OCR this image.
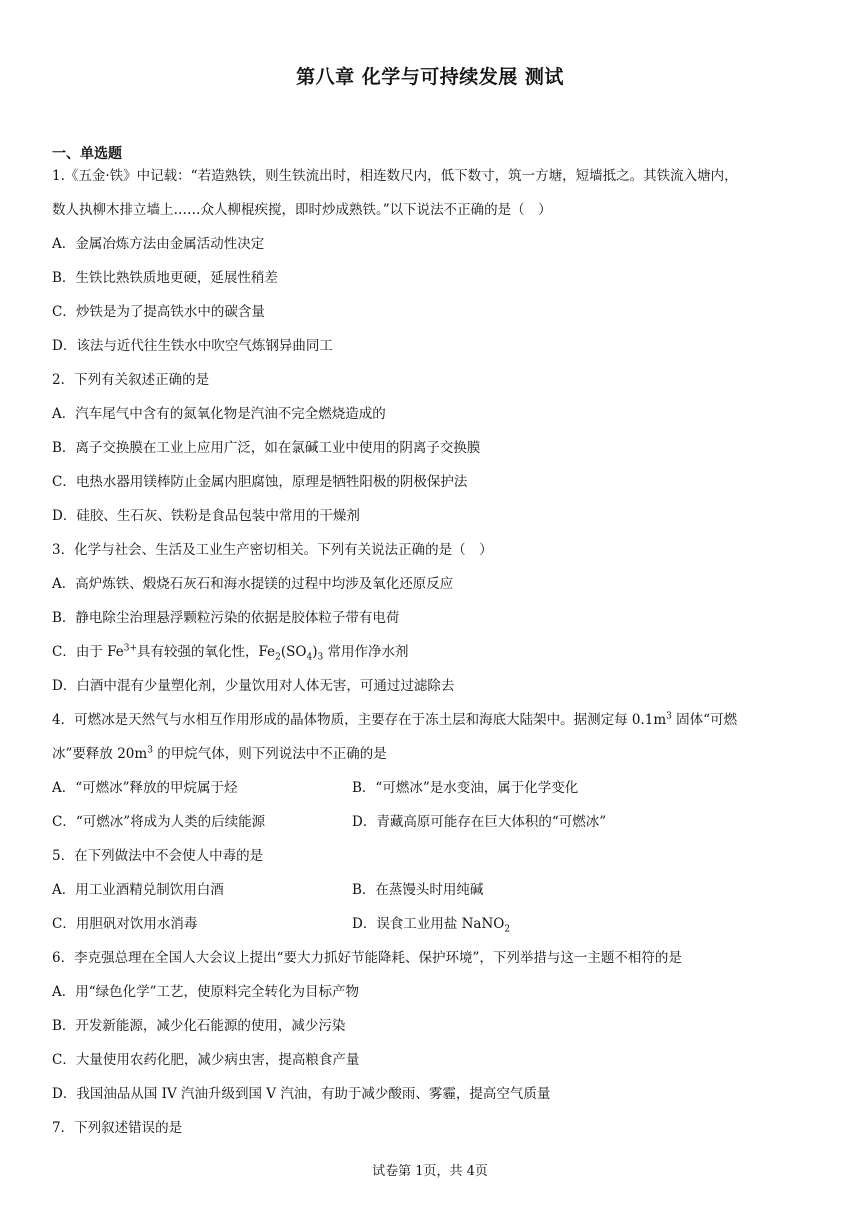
第八章 化学与可持续发展 测试
一、单选题
1.《五金·铁》中记载：“若造熟铁，则生铁流出时，相连数尺内，低下数寸，筑一方塘，短墙抵之。其铁流入塘内，
数人执柳木排立墙上……众人柳棍疾搅，即时炒成熟铁。”以下说法不正确的是（　）
A．金属冶炼方法由金属活动性决定
B．生铁比熟铁质地更硬，延展性稍差
C．炒铁是为了提高铁水中的碳含量
D．该法与近代往生铁水中吹空气炼钢异曲同工
2．下列有关叙述正确的是
A．汽车尾气中含有的氮氧化物是汽油不完全燃烧造成的
B．离子交换膜在工业上应用广泛，如在氯碱工业中使用的阴离子交换膜
C．电热水器用镁棒防止金属内胆腐蚀，原理是牺牲阳极的阴极保护法
D．硅胶、生石灰、铁粉是食品包装中常用的干燥剂
3．化学与社会、生活及工业生产密切相关。下列有关说法正确的是（　）
A．高炉炼铁、煅烧石灰石和海水提镁的过程中均涉及氧化还原反应
B．静电除尘治理悬浮颗粒污染的依据是胶体粒子带有电荷
C．由于 $Fe^{3+}$具有较强的氧化性，$Fe_2(SO_4)_3$ 常用作净水剂
D．白酒中混有少量塑化剂，少量饮用对人体无害，可通过过滤除去
4．可燃冰是天然气与水相互作用形成的晶体物质，主要存在于冻土层和海底大陆架中。据测定每 $0.1m^3$ 固体“可燃
冰”要释放 $20m^3$ 的甲烷气体，则下列说法中不正确的是
A．“可燃冰”释放的甲烷属于烃	B．“可燃冰”是水变油，属于化学变化
C．“可燃冰”将成为人类的后续能源	D．青藏高原可能存在巨大体积的“可燃冰”
5．在下列做法中不会使人中毒的是
A．用工业酒精兑制饮用白酒	B．在蒸馒头时用纯碱
C．用胆矾对饮用水消毒	D．误食工业用盐 NaNO$_2$
6．李克强总理在全国人大会议上提出“要大力抓好节能降耗、保护环境”，下列举措与这一主题不相符的是
A．用“绿色化学”工艺，使原料完全转化为目标产物
B．开发新能源，减少化石能源的使用，减少污染
C．大量使用农药化肥，减少病虫害，提高粮食产量
D．我国油品从国 IV 汽油升级到国 V 汽油，有助于减少酸雨、雾霾，提高空气质量
7．下列叙述错误的是
试卷第 1页，共 4页
